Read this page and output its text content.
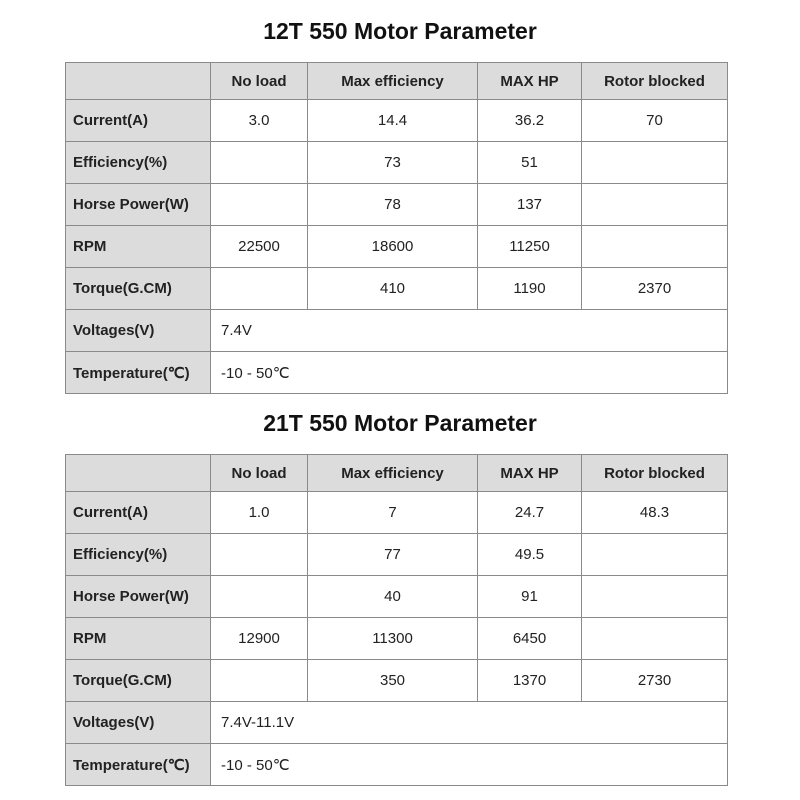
12T 550 Motor Parameter
	No load	Max efficiency	MAX HP	Rotor blocked
Current(A)	3.0	14.4	36.2	70
Efficiency(%)		73	51	
Horse Power(W)		78	137	
RPM	22500	18600	11250	
Torque(G.CM)		410	1190	2370
Voltages(V)	7.4V			
Temperature(℃)	-10 - 50℃			
21T 550 Motor Parameter
	No load	Max efficiency	MAX HP	Rotor blocked
Current(A)	1.0	7	24.7	48.3
Efficiency(%)		77	49.5	
Horse Power(W)		40	91	
RPM	12900	11300	6450	
Torque(G.CM)		350	1370	2730
Voltages(V)	7.4V-11.1V			
Temperature(℃)	-10 - 50℃			
